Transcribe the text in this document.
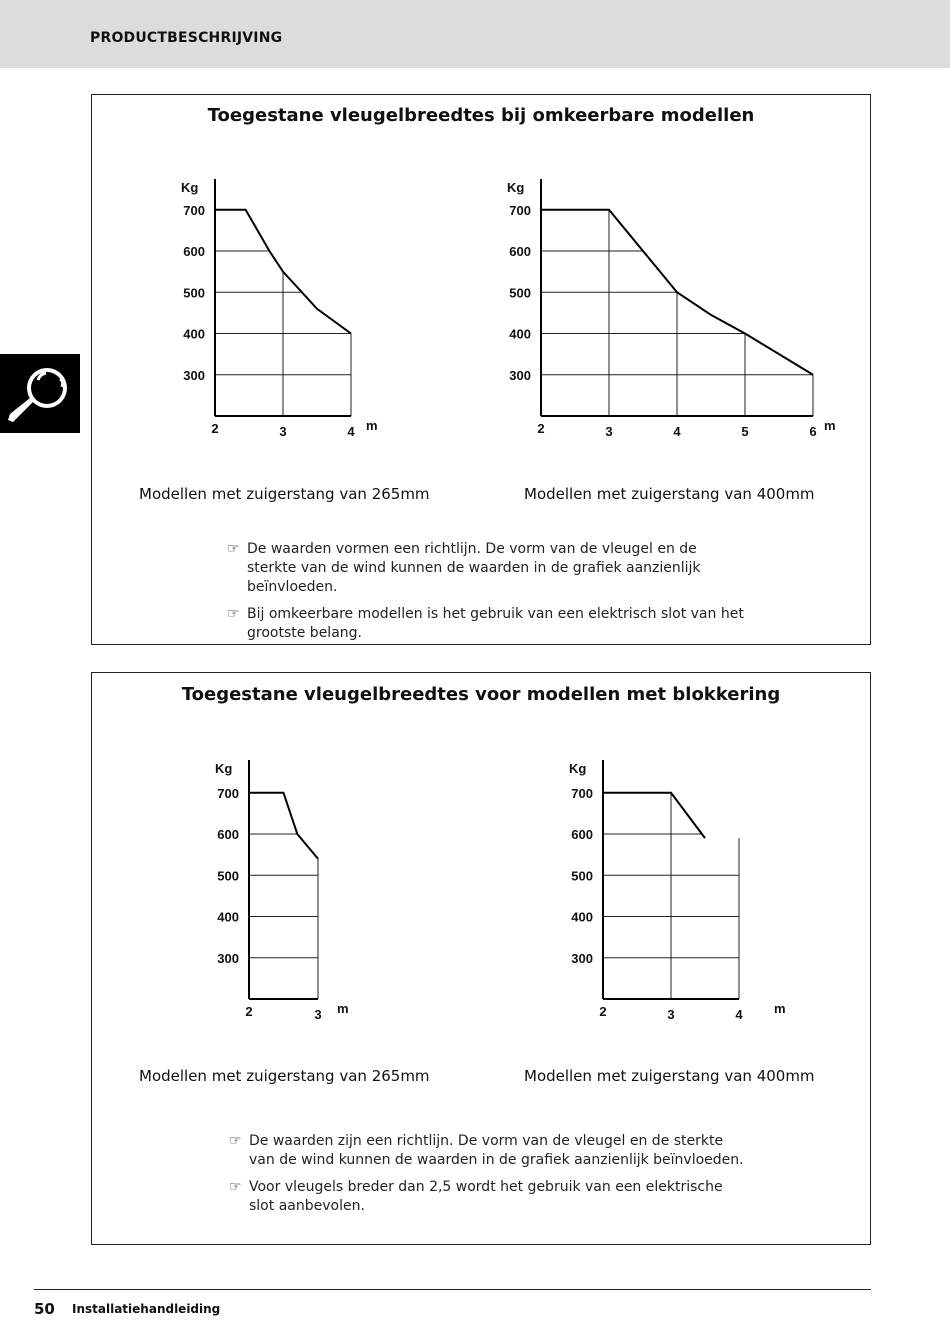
PRODUCTBESCHRIJVING
Toegestane vleugelbreedtes bij omkeerbare modellen
300
400
500
600
700
2	3	4
Kg
m
300
400
500
600
700
2	3	4	5	6
Kg
m
Modellen met zuigerstang van 265mm	Modellen met zuigerstang van 400mm
☞ De waarden vormen een richtlijn. De vorm van de vleugel en de sterkte van de wind kunnen de waarden in de grafiek aanzienlijk beïnvloeden.
☞ Bij omkeerbare modellen is het gebruik van een elektrisch slot van het grootste belang.
Toegestane vleugelbreedtes voor modellen met blokkering
300
400
500
600
700
2	3
Kg
m
300
400
500
600
700
2	3	4
Kg
m
Modellen met zuigerstang van 265mm	Modellen met zuigerstang van 400mm
☞ De waarden zijn een richtlijn. De vorm van de vleugel en de sterkte van de wind kunnen de waarden in de grafiek aanzienlijk beïnvloeden.
☞ Voor vleugels breder dan 2,5 wordt het gebruik van een elektrische slot aanbevolen.
50 Installatiehandleiding
